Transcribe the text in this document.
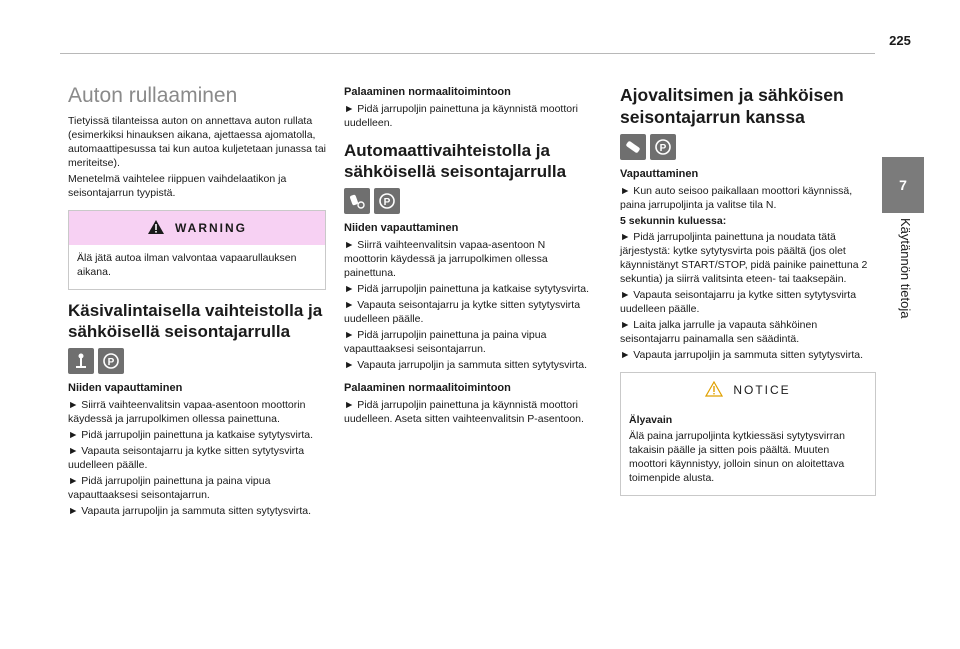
225
7
Käytännön tietoja
Auton rullaaminen

Tietyissä tilanteissa auton on annettava auton rullata (esimerkiksi hinauksen aikana, ajettaessa ajomatolla, automaattipesussa tai kun autoa kuljetetaan junassa tai meriteitse).

Menetelmä vaihtelee riippuen vaihdelaatikon ja seisontajarrun tyypistä.

WARNING

Älä jätä autoa ilman valvontaa vapaarullauksen aikana.

Käsivalintaisella vaihteistolla ja sähköisellä seisontajarrulla
P
Niiden vapauttaminen

► Siirrä vaihteenvalitsin vapaa-asentoon moottorin käydessä ja jarrupolkimen ollessa painettuna.

► Pidä jarrupoljin painettuna ja katkaise sytytysvirta.

► Vapauta seisontajarru ja kytke sitten sytytysvirta uudelleen päälle.

► Pidä jarrupoljin painettuna ja paina vipua vapauttaaksesi seisontajarrun.

► Vapauta jarrupoljin ja sammuta sitten sytytysvirta.

Palaaminen normaalitoimintoon

► Pidä jarrupoljin painettuna ja käynnistä moottori uudelleen.

Automaattivaihteistolla ja sähköisellä seisontajarrulla
P
Niiden vapauttaminen

► Siirrä vaihteenvalitsin vapaa-asentoon N moottorin käydessä ja jarrupolkimen ollessa painettuna.

► Pidä jarrupoljin painettuna ja katkaise sytytysvirta.

► Vapauta seisontajarru ja kytke sitten sytytysvirta uudelleen päälle.

► Pidä jarrupoljin painettuna ja paina vipua vapauttaaksesi seisontajarrun.

► Vapauta jarrupoljin ja sammuta sitten sytytysvirta.

Palaaminen normaalitoimintoon

► Pidä jarrupoljin painettuna ja käynnistä moottori uudelleen. Aseta sitten vaihteenvalitsin P-asentoon.

Ajovalitsimen ja sähköisen seisontajarrun kanssa
P
Vapauttaminen

► Kun auto seisoo paikallaan moottori käynnissä, paina jarrupoljinta ja valitse tila N.

5 sekunnin kuluessa:

► Pidä jarrupoljinta painettuna ja noudata tätä järjestystä: kytke sytytysvirta pois päältä (jos olet käynnistänyt START/STOP, pidä painike painettuna 2 sekuntia) ja siirrä valitsinta eteen- tai taaksepäin.

► Vapauta seisontajarru ja kytke sitten sytytysvirta uudelleen päälle.

► Laita jalka jarrulle ja vapauta sähköinen seisontajarru painamalla sen säädintä.

► Vapauta jarrupoljin ja sammuta sitten sytytysvirta.

NOTICE

Älyavain

Älä paina jarrupoljinta kytkiessäsi sytytysvirran takaisin päälle ja sitten pois päältä. Muuten moottori käynnistyy, jolloin sinun on aloitettava toimenpide alusta.
